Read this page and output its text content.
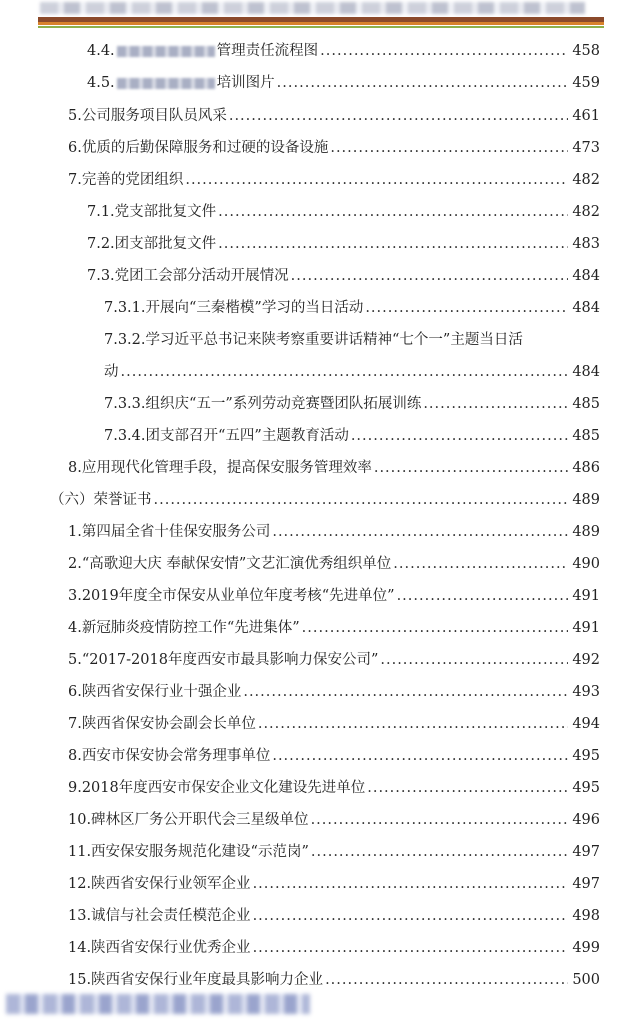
4.4.	管理责任流程图 .....	458
4.5.	培训图片 .....	459
5.公司服务项目队员风采 .....	461
6.优质的后勤保障服务和过硬的设备设施 .....	473
7.完善的党团组织 .....	482
7.1.党支部批复文件 .....	482
7.2.团支部批复文件 .....	483
7.3.党团工会部分活动开展情况 .....	484
7.3.1.开展向“三秦楷模”学习的当日活动 .....	484
7.3.2.学习近平总书记来陕考察重要讲话精神“七个一”主题当日活
动 .....	484
7.3.3.组织庆“五一”系列劳动竞赛暨团队拓展训练 .....	485
7.3.4.团支部召开“五四”主题教育活动 .....	485
8.应用现代化管理手段，提高保安服务管理效率 .....	486
（六）荣誉证书 .....	489
1.第四届全省十佳保安服务公司 .....	489
2.“高歌迎大庆 奉献保安情”文艺汇演优秀组织单位 .....	490
3.2019年度全市保安从业单位年度考核“先进单位” .....	491
4.新冠肺炎疫情防控工作“先进集体” .....	491
5.“2017-2018年度西安市最具影响力保安公司” .....	492
6.陕西省安保行业十强企业 .....	493
7.陕西省保安协会副会长单位 .....	494
8.西安市保安协会常务理事单位 .....	495
9.2018年度西安市保安企业文化建设先进单位 .....	495
10.碑林区厂务公开职代会三星级单位 .....	496
11.西安保安服务规范化建设“示范岗” .....	497
12.陕西省安保行业领军企业 .....	497
13.诚信与社会责任模范企业 .....	498
14.陕西省安保行业优秀企业 .....	499
15.陕西省安保行业年度最具影响力企业 .....	500
